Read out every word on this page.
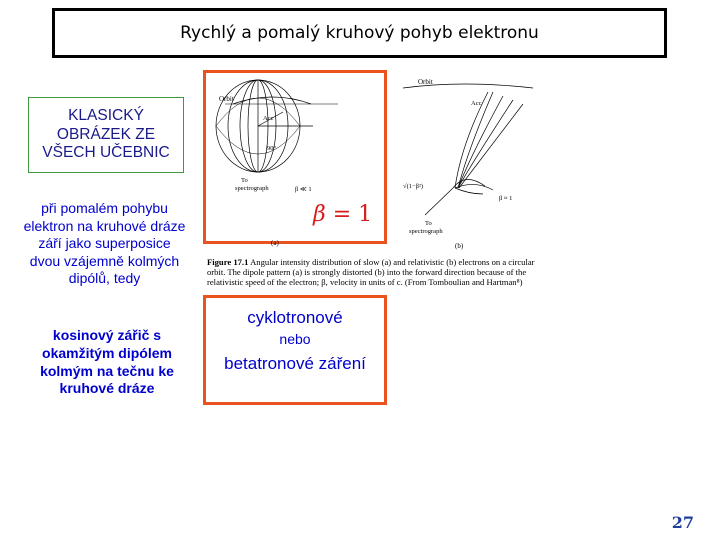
Rychlý a pomalý kruhový pohyb elektronu
KLASICKÝ OBRÁZEK ZE VŠECH UČEBNIC
při pomalém pohybu elektron na kruhové dráze září jako superposice dvou vzájemně kolmých dipólů, tedy
kosinový zářič s okamžitým dipólem kolmým na tečnu ke kruhové dráze
cyklotronové
nebo
betatronové záření
Orbit
Acc
90°
To
spectrograph	β ≪ 1
(a)
Orbit
Acc
√(1−β²)
β ≈ 1
To
spectrograph
(b)
β = 1
Figure 17.1 Angular intensity distribution of slow (a) and relativistic (b) electrons on a circular orbit. The dipole pattern (a) is strongly distorted (b) into the forward direction because of the relativistic speed of the electron; β, velocity in units of c. (From Tomboulian and Hartman⁸)
27
